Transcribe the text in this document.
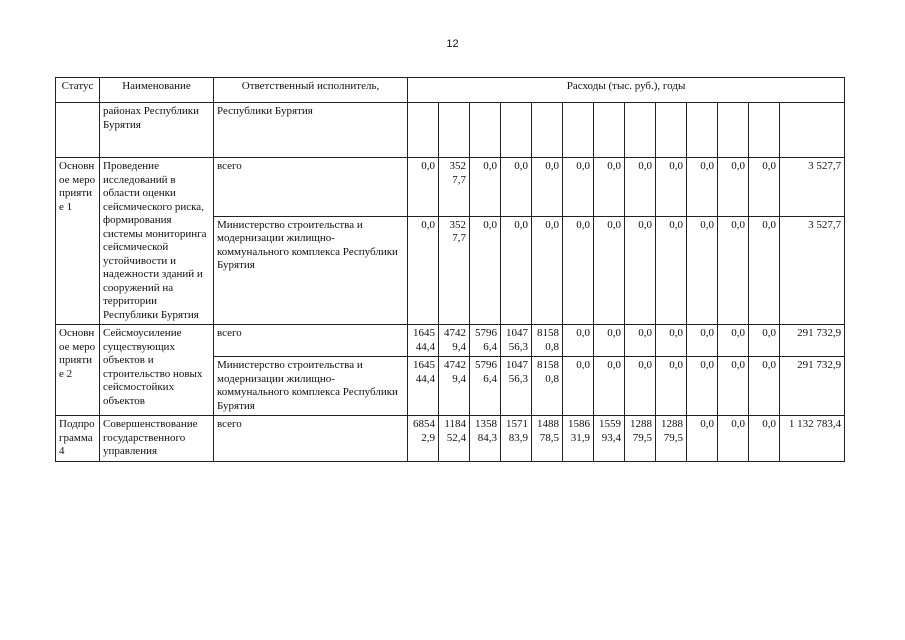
12
Статус	Наименование	Ответственный исполнитель,	Расходы (тыс. руб.), годы												
	районах Республики Бурятия	Республики Бурятия													
Основное мероприятие 1	Проведение исследований в области оценки сейсмического риска, формирования системы мониторинга сейсмической устойчивости и надежности зданий и сооружений на территории Республики Бурятия	всего	0,0	3527,7	0,0	0,0	0,0	0,0	0,0	0,0	0,0	0,0	0,0	0,0	3 527,7
		Министерство строительства и модернизации жилищно-коммунального комплекса Республики Бурятия	0,0	3527,7	0,0	0,0	0,0	0,0	0,0	0,0	0,0	0,0	0,0	0,0	3 527,7
Основное мероприятие 2	Сейсмоусиление существующих объектов и строительство новых сейсмостойких объектов	всего	164544,4	47429,4	57966,4	104756,3	81580,8	0,0	0,0	0,0	0,0	0,0	0,0	0,0	291 732,9
		Министерство строительства и модернизации жилищно-коммунального комплекса Республики Бурятия	164544,4	47429,4	57966,4	104756,3	81580,8	0,0	0,0	0,0	0,0	0,0	0,0	0,0	291 732,9
Подпрограмма 4	Совершенствование государственного управления	всего	68542,9	118452,4	135884,3	157183,9	148878,5	158631,9	155993,4	128879,5	128879,5	0,0	0,0	0,0	1 132 783,4
